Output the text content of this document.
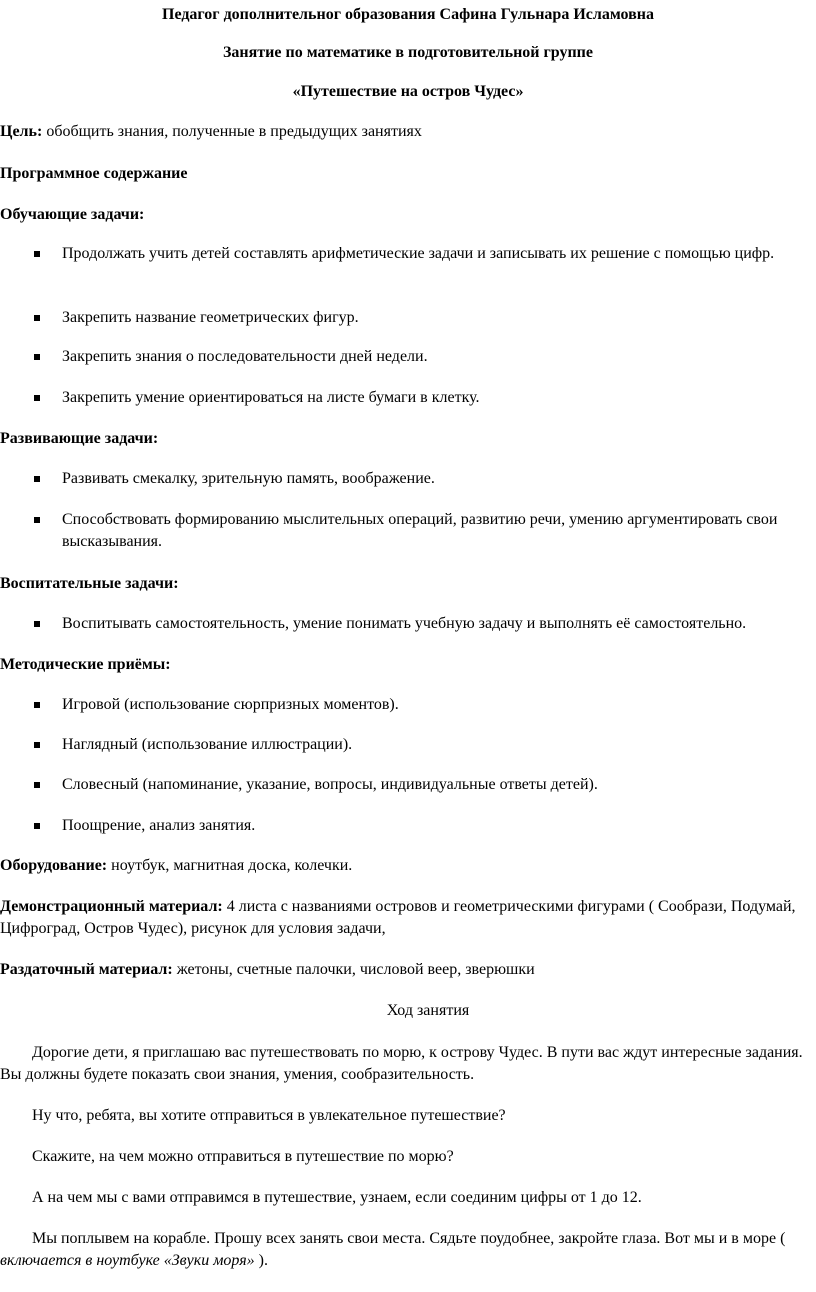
Педагог дополнительног образования Сафина Гульнара Исламовна

Занятие по математике в подготовительной группе

«Путешествие на остров Чудес»

Цель: обобщить знания, полученные в предыдущих занятиях

Программное содержание

Обучающие задачи:

Продолжать учить детей составлять арифметические задачи и записывать их решение с помощью цифр.
Закрепить название геометрических фигур.
Закрепить знания о последовательности дней недели.
Закрепить умение ориентироваться на листе бумаги в клетку.

Развивающие задачи:

Развивать смекалку, зрительную память, воображение.
Способствовать формированию мыслительных операций, развитию речи, умению аргументировать свои высказывания.

Воспитательные задачи:

Воспитывать самостоятельность, умение понимать учебную задачу и выполнять её самостоятельно.

Методические приёмы:

Игровой (использование сюрпризных моментов).
Наглядный (использование иллюстрации).
Словесный (напоминание, указание, вопросы, индивидуальные ответы детей).
Поощрение, анализ занятия.

Оборудование: ноутбук, магнитная доска, колечки.

Демонстрационный материал: 4 листа с названиями островов и геометрическими фигурами ( Сообрази, Подумай, Цифроград, Остров Чудес), рисунок для условия задачи,

Раздаточный материал: жетоны, счетные палочки, числовой веер, зверюшки

Ход занятия

Дорогие дети, я приглашаю вас путешествовать по морю, к острову Чудес. В пути вас ждут интересные задания. Вы должны будете показать свои знания, умения, сообразительность.

Ну что, ребята, вы хотите отправиться в увлекательное путешествие?

Скажите, на чем можно отправиться в путешествие по морю?

А на чем мы с вами отправимся в путешествие, узнаем, если соединим цифры от 1 до 12.

Мы поплывем на корабле. Прошу всех занять свои места. Сядьте поудобнее, закройте глаза. Вот мы и в море ( включается в ноутбуке «Звуки моря» ).
